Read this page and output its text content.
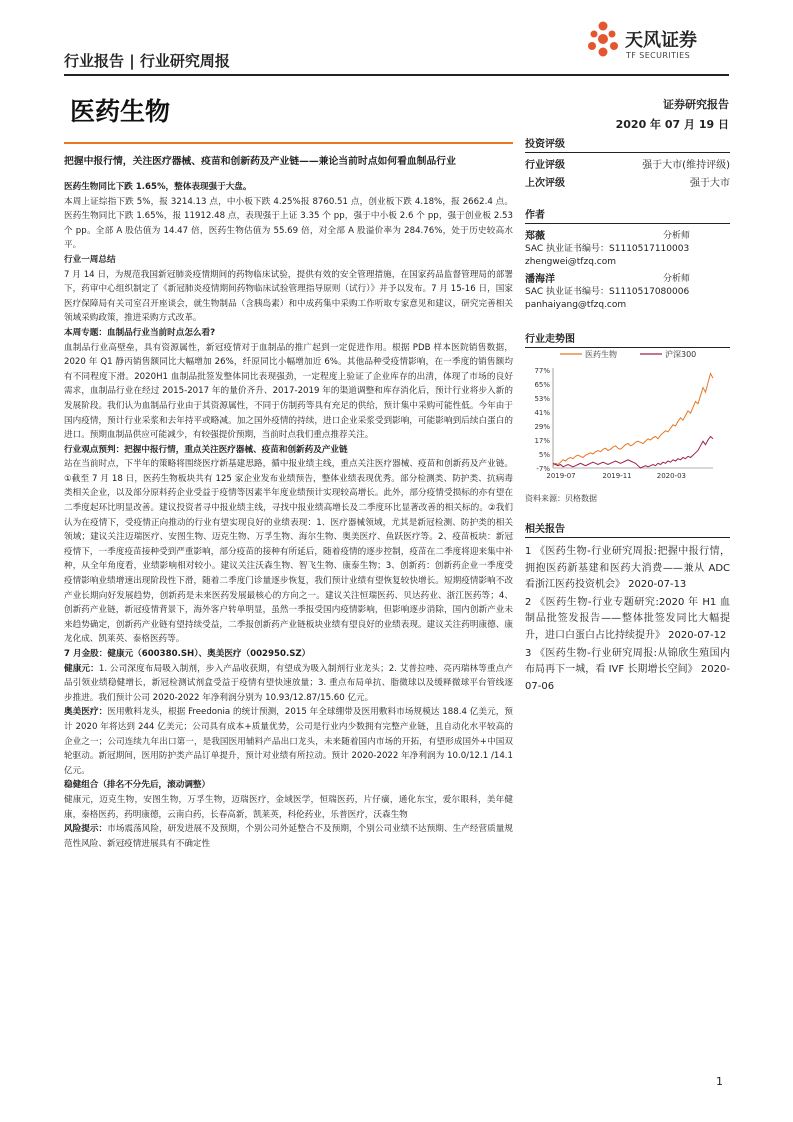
行业报告 | 行业研究周报
天风证券
TF SECURITIES
医药生物	证券研究报告
2020 年 07 月 19 日
把握中报行情，关注医疗器械、疫苗和创新药及产业链——兼论当前时点如何看血制品行业

医药生物同比下跌 1.65%，整体表现强于大盘。

本周上证综指下跌 5%，报 3214.13 点，中小板下跌 4.25%报 8760.51 点，创业板下跌 4.18%，报 2662.4 点。医药生物同比下跌 1.65%，报 11912.48 点，表现强于上证 3.35 个 pp，强于中小板 2.6 个 pp，强于创业板 2.53 个 pp。全部 A 股估值为 14.47 倍，医药生物估值为 55.69 倍，对全部 A 股溢价率为 284.76%，处于历史较高水平。

行业一周总结

7 月 14 日，为规范我国新冠肺炎疫情期间的药物临床试验，提供有效的安全管理措施，在国家药品监督管理局的部署下，药审中心组织制定了《新冠肺炎疫情期间药物临床试验管理指导原则（试行）》并予以发布。7 月 15-16 日，国家医疗保障局有关司室召开座谈会，就生物制品（含胰岛素）和中成药集中采购工作听取专家意见和建议，研究完善相关领域采购政策，推进采购方式改革。

本周专题：血制品行业当前时点怎么看?

血制品行业高壁垒，具有资源属性，新冠疫情对于血制品的推广起到一定促进作用。根据 PDB 样本医院销售数据，2020 年 Q1 静丙销售额同比大幅增加 26%，纤原同比小幅增加近 6%。其他品种受疫情影响，在一季度的销售额均有不同程度下滑。2020H1 血制品批签发整体同比表现强劲，一定程度上验证了企业库存的出清，体现了市场的良好需求，血制品行业在经过 2015-2017 年的量价齐升、2017-2019 年的渠道调整和库存消化后，预计行业将步入新的发展阶段。我们认为血制品行业由于其资源属性，不同于仿制药等具有充足的供给，预计集中采购可能性低。今年由于国内疫情，预计行业采浆和去年持平或略减。加之国外疫情的持续，进口企业采浆受到影响，可能影响到后续白蛋白的进口。预期血制品供应可能减少，有较强提价预期，当前时点我们重点推荐关注。

行业观点预判：把握中报行情，重点关注医疗器械、疫苗和创新药及产业链

站在当前时点，下半年的策略将围绕医疗新基建思路，循中报业绩主线，重点关注医疗器械、疫苗和创新药及产业链。①截至 7 月 18 日，医药生物板块共有 125 家企业发布业绩预告，整体业绩表现优秀。部分检测类、防护类、抗病毒类相关企业，以及部分原料药企业受益于疫情等因素半年度业绩预计实现较高增长。此外，部分疫情受损标的亦有望在二季度起环比明显改善。建议投资者寻中报业绩主线，寻找中报业绩高增长及二季度环比显著改善的相关标的。②我们认为在疫情下，受疫情正向推动的行业有望实现良好的业绩表现：1、医疗器械领域，尤其是新冠检测、防护类的相关领域；建议关注迈瑞医疗、安图生物、迈克生物、万孚生物、海尔生物、奥美医疗、鱼跃医疗等。2、疫苗板块：新冠疫情下，一季度疫苗接种受到严重影响，部分疫苗的接种有所延后，随着疫情的逐步控制，疫苗在二季度将迎来集中补种，从全年角度看，业绩影响相对较小。建议关注沃森生物、智飞生物、康泰生物；3、创新药：创新药企业一季度受疫情影响业绩增速出现阶段性下滑，随着二季度门诊量逐步恢复，我们预计业绩有望恢复较快增长。短期疫情影响不改产业长期向好发展趋势，创新药是未来医药发展最核心的方向之一。建议关注恒瑞医药、贝达药业、浙江医药等；4、创新药产业链，新冠疫情背景下，海外客户转单明显，虽然一季报受国内疫情影响，但影响逐步消除，国内创新产业未来趋势确定，创新药产业链有望持续受益，二季报创新药产业链板块业绩有望良好的业绩表现。建议关注药明康德、康龙化成、凯莱英、泰格医药等。

7 月金股：健康元（600380.SH）、奥美医疗（002950.SZ）

健康元：1. 公司深度布局吸入制剂，步入产品收获期，有望成为吸入制剂行业龙头；2. 艾普拉唑、亮丙瑞林等重点产品引领业绩稳健增长，新冠检测试剂盒受益于疫情有望快速放量；3. 重点布局单抗、脂微球以及缓释微球平台管线逐步推进。我们预计公司 2020-2022 年净利润分别为 10.93/12.87/15.60 亿元。

奥美医疗：医用敷料龙头，根据 Freedonia 的统计预测，2015 年全球绷带及医用敷料市场规模达 188.4 亿美元，预计 2020 年将达到 244 亿美元；公司具有成本+质量优势，公司是行业内少数拥有完整产业链，且自动化水平较高的企业之一；公司连续九年出口第一，是我国医用辅料产品出口龙头，未来随着国内市场的开拓，有望形成国外+中国双轮驱动。新冠期间，医用防护类产品订单提升，预计对业绩有所拉动。预计 2020-2022 年净利润为 10.0/12.1 /14.1 亿元。

稳健组合（排名不分先后，滚动调整）

健康元，迈克生物，安图生物，万孚生物，迈瑞医疗，金域医学，恒瑞医药，片仔癀，通化东宝，爱尔眼科，美年健康，泰格医药，药明康德，云南白药，长春高新，凯莱英，科伦药业，乐普医疗，沃森生物

风险提示：市场震荡风险，研发进展不及预期，个别公司外延整合不及预期，个别公司业绩不达预期、生产经营质量规范性风险、新冠疫情进展具有不确定性

投资评级
行业评级	强于大市(维持评级)
上次评级	强于大市
作者
郑薇	分析师
SAC 执业证书编号：S1110517110003
zhengwei@tfzq.com
潘海洋	分析师
SAC 执业证书编号：S1110517080006
panhaiyang@tfzq.com
行业走势图
医药生物	沪深300
77%
65%
53%
41%
29%
17%
5%
-7%
2019-07	2019-11	2020-03
资料来源：贝格数据
相关报告
1 《医药生物-行业研究周报:把握中报行情，拥抱医药新基建和医药大消费——兼从 ADC 看浙江医药投资机会》 2020-07-13
2 《医药生物-行业专题研究:2020 年 H1 血制品批签发报告——整体批签发同比大幅提升，进口白蛋白占比持续提升》 2020-07-12
3 《医药生物-行业研究周报:从锦欣生殖国内布局再下一城，看 IVF 长期增长空间》 2020-07-06
1
